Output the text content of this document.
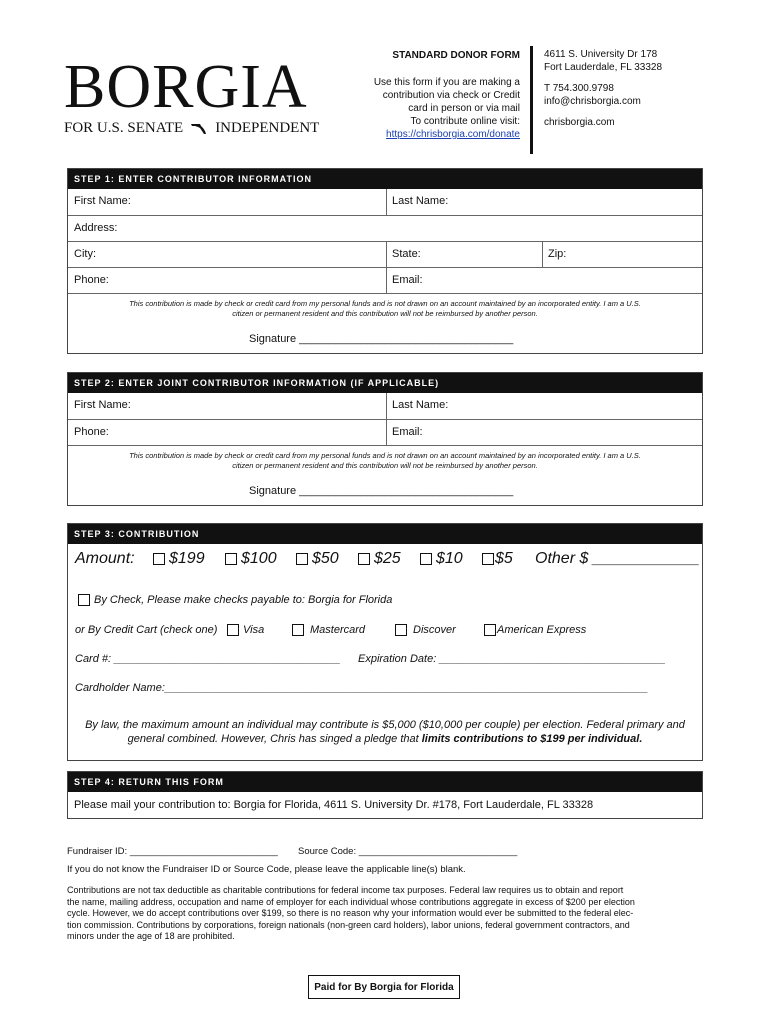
BORGIA
FOR U.S. SENATE INDEPENDENT
STANDARD DONOR FORM
Use this form if you are making a
contribution via check or Credit
card in person or via mail
To contribute online visit:
https://chrisborgia.com/donate
4611 S. University Dr 178
Fort Lauderdale, FL 33328
T 754.300.9798
info@chrisborgia.com
chrisborgia.com
STEP 1: ENTER CONTRIBUTOR INFORMATION
First Name:	Last Name:
Address:
City:	State:	Zip:
Phone:	Email:
This contribution is made by check or credit card from my personal funds and is not drawn on an account maintained by an incorporated entity. I am a U.S.
citizen or permanent resident and this contribution will not be reimbursed by another person.
Signature ___________________________________
STEP 2: ENTER JOINT CONTRIBUTOR INFORMATION (IF APPLICABLE)
First Name:	Last Name:
Phone:	Email:
This contribution is made by check or credit card from my personal funds and is not drawn on an account maintained by an incorporated entity. I am a U.S.
citizen or permanent resident and this contribution will not be reimbursed by another person.
Signature ___________________________________
STEP 3: CONTRIBUTION
Amount:	$199	$100	$50	$25	$10	$5 Other $ ____________
By Check, Please make checks payable to: Borgia for Florida
or By Credit Cart (check one)	Visa	Mastercard	Discover	American Express
Card #: _____________________________________ Expiration Date: _____________________________________
Cardholder Name:_______________________________________________________________________________
By law, the maximum amount an individual may contribute is $5,000 ($10,000 per couple) per election. Federal primary and
general combined. However, Chris has singed a pledge that limits contributions to $199 per individual.
STEP 4: RETURN THIS FORM
Please mail your contribution to: Borgia for Florida, 4611 S. University Dr. #178, Fort Lauderdale, FL 33328
Fundraiser ID: ____________________________ Source Code: ______________________________
If you do not know the Fundraiser ID or Source Code, please leave the applicable line(s) blank.
Contributions are not tax deductible as charitable contributions for federal income tax purposes. Federal law requires us to obtain and report
the name, mailing address, occupation and name of employer for each individual whose contributions aggregate in excess of $200 per election
cycle. However, we do accept contributions over $199, so there is no reason why your information would ever be submitted to the federal elec-
tion commission. Contributions by corporations, foreign nationals (non-green card holders), labor unions, federal government contractors, and
minors under the age of 18 are prohibited.
Paid for By Borgia for Florida
